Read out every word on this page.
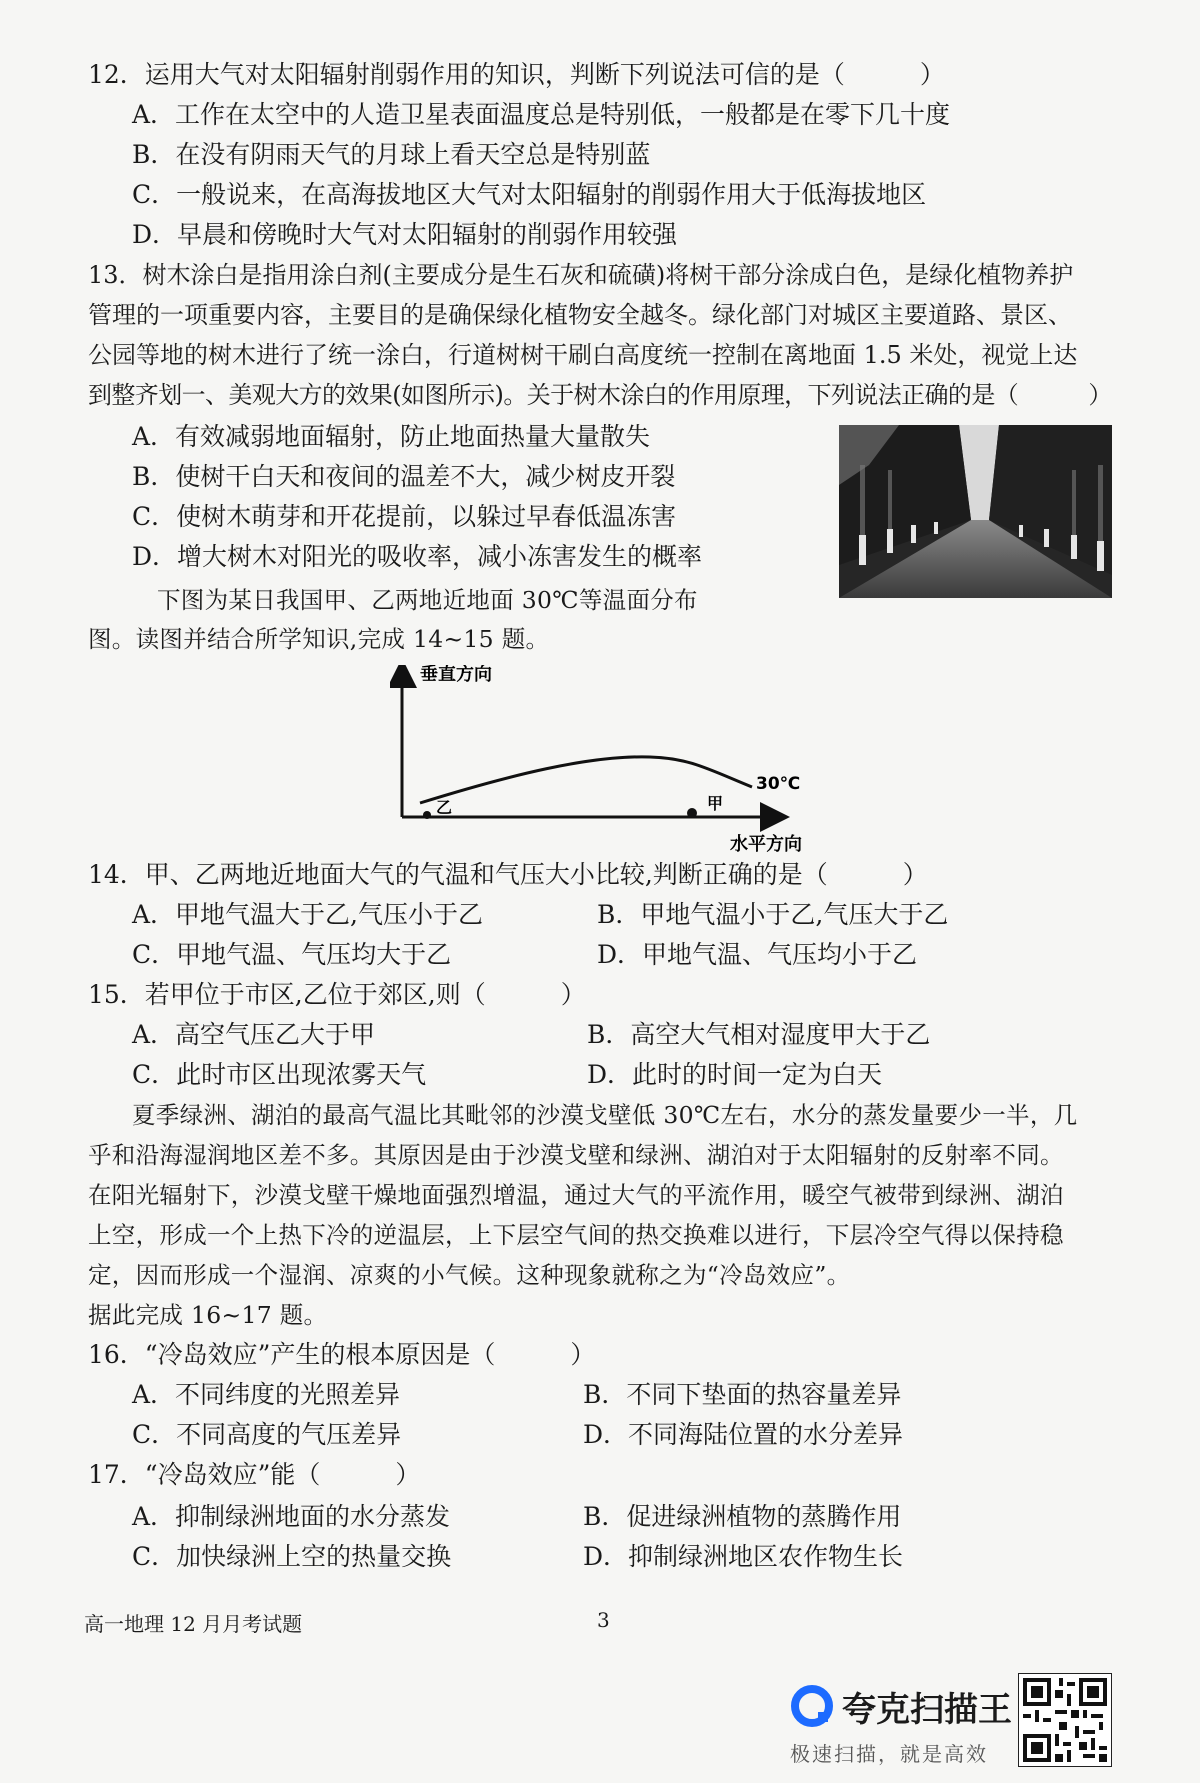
12．运用大气对太阳辐射削弱作用的知识，判断下列说法可信的是（　　　）
A．工作在太空中的人造卫星表面温度总是特别低，一般都是在零下几十度
B．在没有阴雨天气的月球上看天空总是特别蓝
C．一般说来，在高海拔地区大气对太阳辐射的削弱作用大于低海拔地区
D．早晨和傍晚时大气对太阳辐射的削弱作用较强
13．树木涂白是指用涂白剂(主要成分是生石灰和硫磺)将树干部分涂成白色，是绿化植物养护
管理的一项重要内容，主要目的是确保绿化植物安全越冬。绿化部门对城区主要道路、景区、
公园等地的树木进行了统一涂白，行道树树干刷白高度统一控制在离地面 1.5 米处，视觉上达
到整齐划一、美观大方的效果(如图所示)。关于树木涂白的作用原理，下列说法正确的是（　　　）
A．有效减弱地面辐射，防止地面热量大量散失
B．使树干白天和夜间的温差不大，减少树皮开裂
C．使树木萌芽和开花提前，以躲过早春低温冻害
D．增大树木对阳光的吸收率，减小冻害发生的概率
下图为某日我国甲、乙两地近地面 30℃等温面分布
图。读图并结合所学知识,完成 14~15 题。
垂直方向
水平方向
30℃
甲
乙
14．甲、乙两地近地面大气的气温和气压大小比较,判断正确的是（　　　）
A．甲地气温大于乙,气压小于乙	B．甲地气温小于乙,气压大于乙
C．甲地气温、气压均大于乙	D．甲地气温、气压均小于乙
15．若甲位于市区,乙位于郊区,则（　　　）
A．高空气压乙大于甲	B．高空大气相对湿度甲大于乙
C．此时市区出现浓雾天气	D．此时的时间一定为白天
夏季绿洲、湖泊的最高气温比其毗邻的沙漠戈壁低 30℃左右，水分的蒸发量要少一半，几
乎和沿海湿润地区差不多。其原因是由于沙漠戈壁和绿洲、湖泊对于太阳辐射的反射率不同。
在阳光辐射下，沙漠戈壁干燥地面强烈增温，通过大气的平流作用，暖空气被带到绿洲、湖泊
上空，形成一个上热下冷的逆温层，上下层空气间的热交换难以进行，下层冷空气得以保持稳
定，因而形成一个湿润、凉爽的小气候。这种现象就称之为“冷岛效应”。
据此完成 16~17 题。
16．“冷岛效应”产生的根本原因是（　　　）
A．不同纬度的光照差异	B．不同下垫面的热容量差异
C．不同高度的气压差异	D．不同海陆位置的水分差异
17．“冷岛效应”能（　　　）
A．抑制绿洲地面的水分蒸发	B．促进绿洲植物的蒸腾作用
C．加快绿洲上空的热量交换	D．抑制绿洲地区农作物生长
高一地理 12 月月考试题	3
夸克扫描王
极速扫描，就是高效
